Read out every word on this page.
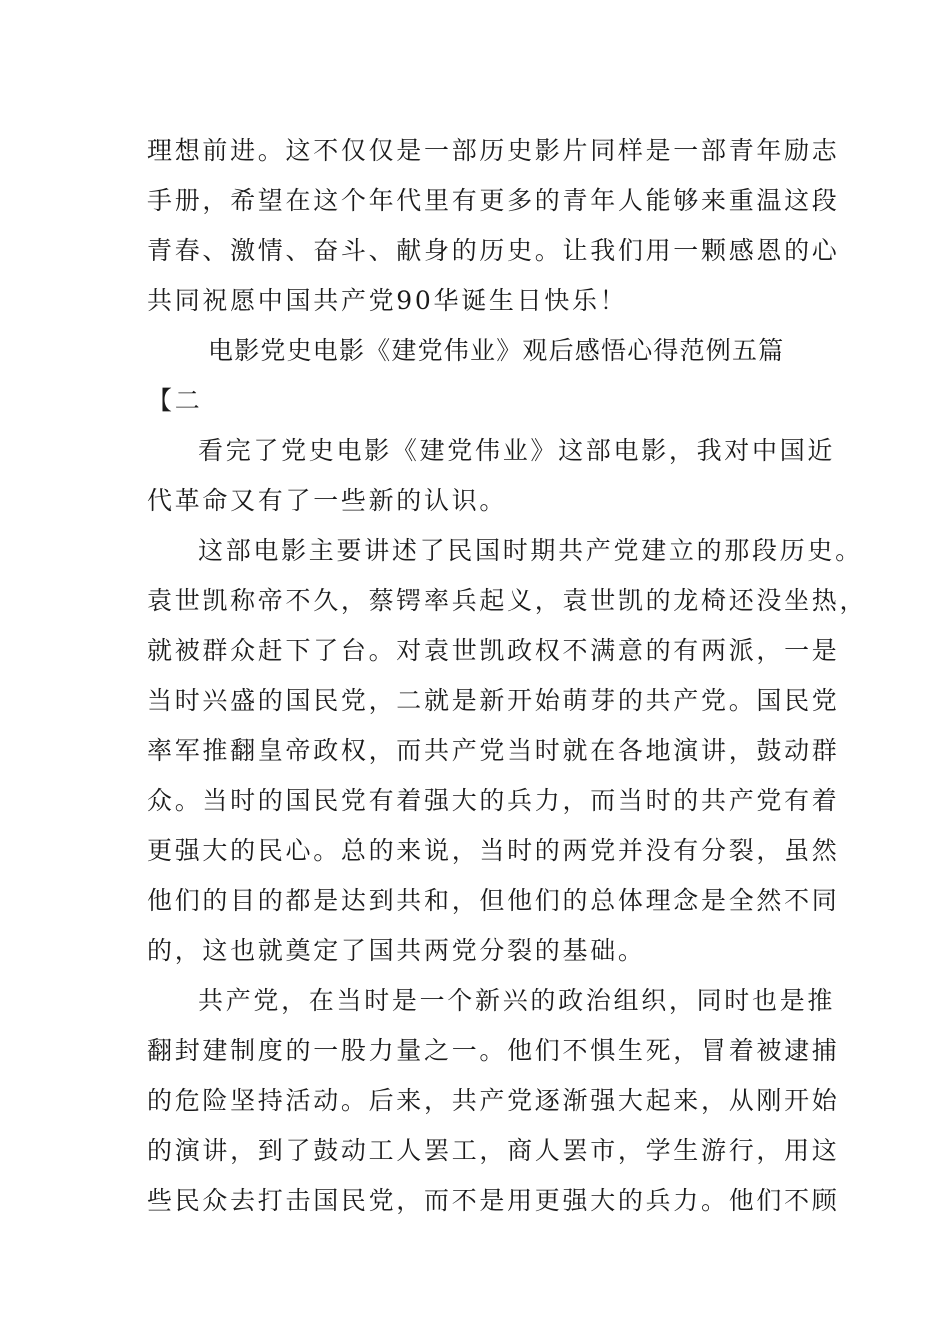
理想前进。这不仅仅是一部历史影片同样是一部青年励志
手册，希望在这个年代里有更多的青年人能够来重温这段
青春、激情、奋斗、献身的历史。让我们用一颗感恩的心
共同祝愿中国共产党90华诞生日快乐！
电影党史电影《建党伟业》观后感悟心得范例五篇
【二
看完了党史电影《建党伟业》这部电影，我对中国近
代革命又有了一些新的认识。
这部电影主要讲述了民国时期共产党建立的那段历史。
袁世凯称帝不久，蔡锷率兵起义，袁世凯的龙椅还没坐热，
就被群众赶下了台。对袁世凯政权不满意的有两派，一是
当时兴盛的国民党，二就是新开始萌芽的共产党。国民党
率军推翻皇帝政权，而共产党当时就在各地演讲，鼓动群
众。当时的国民党有着强大的兵力，而当时的共产党有着
更强大的民心。总的来说，当时的两党并没有分裂，虽然
他们的目的都是达到共和，但他们的总体理念是全然不同
的，这也就奠定了国共两党分裂的基础。
共产党，在当时是一个新兴的政治组织，同时也是推
翻封建制度的一股力量之一。他们不惧生死，冒着被逮捕
的危险坚持活动。后来，共产党逐渐强大起来，从刚开始
的演讲，到了鼓动工人罢工，商人罢市，学生游行，用这
些民众去打击国民党，而不是用更强大的兵力。他们不顾
